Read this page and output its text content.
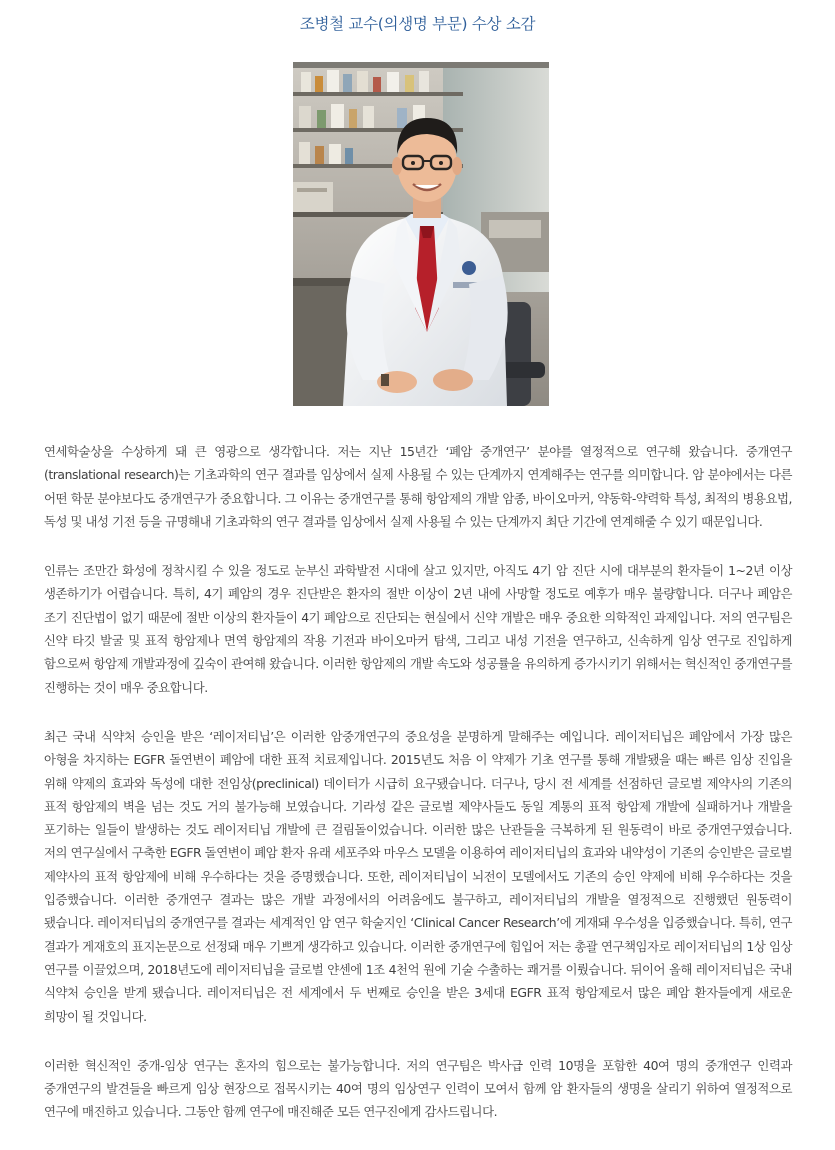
조병철 교수(의생명 부문) 수상 소감

연세학술상을 수상하게 돼 큰 영광으로 생각합니다. 저는 지난 15년간 ‘폐암 중개연구’ 분야를 열정적으로 연구해 왔습니다. 중개연구(translational research)는 기초과학의 연구 결과를 임상에서 실제 사용될 수 있는 단계까지 연계해주는 연구를 의미합니다. 암 분야에서는 다른 어떤 학문 분야보다도 중개연구가 중요합니다. 그 이유는 중개연구를 통해 항암제의 개발 암종, 바이오마커, 약동학-약력학 특성, 최적의 병용요법, 독성 및 내성 기전 등을 규명해내 기초과학의 연구 결과를 임상에서 실제 사용될 수 있는 단계까지 최단 기간에 연계해줄 수 있기 때문입니다.

인류는 조만간 화성에 정착시킬 수 있을 정도로 눈부신 과학발전 시대에 살고 있지만, 아직도 4기 암 진단 시에 대부분의 환자들이 1~2년 이상 생존하기가 어렵습니다. 특히, 4기 폐암의 경우 진단받은 환자의 절반 이상이 2년 내에 사망할 정도로 예후가 매우 불량합니다. 더구나 폐암은 조기 진단법이 없기 때문에 절반 이상의 환자들이 4기 폐암으로 진단되는 현실에서 신약 개발은 매우 중요한 의학적인 과제입니다. 저의 연구팀은 신약 타깃 발굴 및 표적 항암제나 면역 항암제의 작용 기전과 바이오마커 탐색, 그리고 내성 기전을 연구하고, 신속하게 임상 연구로 진입하게 함으로써 항암제 개발과정에 깊숙이 관여해 왔습니다. 이러한 항암제의 개발 속도와 성공률을 유의하게 증가시키기 위해서는 혁신적인 중개연구를 진행하는 것이 매우 중요합니다.

최근 국내 식약처 승인을 받은 ‘레이저티닙’은 이러한 암중개연구의 중요성을 분명하게 말해주는 예입니다. 레이저티닙은 폐암에서 가장 많은 아형을 차지하는 EGFR 돌연변이 폐암에 대한 표적 치료제입니다. 2015년도 처음 이 약제가 기초 연구를 통해 개발됐을 때는 빠른 임상 진입을 위해 약제의 효과와 독성에 대한 전임상(preclinical) 데이터가 시급히 요구됐습니다. 더구나, 당시 전 세계를 선점하던 글로벌 제약사의 기존의 표적 항암제의 벽을 넘는 것도 거의 불가능해 보였습니다. 기라성 같은 글로벌 제약사들도 동일 계통의 표적 항암제 개발에 실패하거나 개발을 포기하는 일들이 발생하는 것도 레이저티닙 개발에 큰 걸림돌이었습니다. 이러한 많은 난관들을 극복하게 된 원동력이 바로 중개연구였습니다. 저의 연구실에서 구축한 EGFR 돌연변이 폐암 환자 유래 세포주와 마우스 모델을 이용하여 레이저티닙의 효과와 내약성이 기존의 승인받은 글로벌 제약사의 표적 항암제에 비해 우수하다는 것을 증명했습니다. 또한, 레이저티닙이 뇌전이 모델에서도 기존의 승인 약제에 비해 우수하다는 것을 입증했습니다. 이러한 중개연구 결과는 많은 개발 과정에서의 어려움에도 불구하고, 레이저티닙의 개발을 열정적으로 진행했던 원동력이 됐습니다. 레이저티닙의 중개연구를 결과는 세계적인 암 연구 학술지인 ‘Clinical Cancer Research’에 게재돼 우수성을 입증했습니다. 특히, 연구 결과가 게재호의 표지논문으로 선정돼 매우 기쁘게 생각하고 있습니다. 이러한 중개연구에 힘입어 저는 총괄 연구책임자로 레이저티닙의 1상 임상 연구를 이끌었으며, 2018년도에 레이저티닙을 글로벌 얀센에 1조 4천억 원에 기술 수출하는 쾌거를 이뤘습니다. 뒤이어 올해 레이저티닙은 국내 식약처 승인을 받게 됐습니다. 레이저티닙은 전 세계에서 두 번째로 승인을 받은 3세대 EGFR 표적 항암제로서 많은 폐암 환자들에게 새로운 희망이 될 것입니다.

이러한 혁신적인 중개-임상 연구는 혼자의 힘으로는 불가능합니다. 저의 연구팀은 박사급 인력 10명을 포함한 40여 명의 중개연구 인력과 중개연구의 발견들을 빠르게 임상 현장으로 접목시키는 40여 명의 임상연구 인력이 모여서 함께 암 환자들의 생명을 살리기 위하여 열정적으로 연구에 매진하고 있습니다. 그동안 함께 연구에 매진해준 모든 연구진에게 감사드립니다.
